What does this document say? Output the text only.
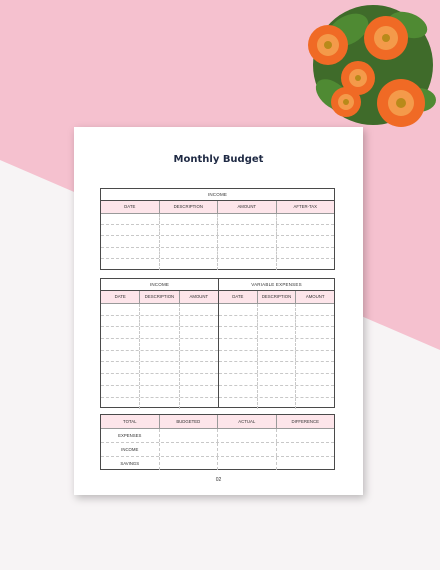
Monthly Budget
INCOME
DATE	DESCRIPTION	AMOUNT	AFTER-TAX
INCOME
DATE	DESCRIPTION	AMOUNT
VARIABLE EXPENSES
DATE	DESCRIPTION	AMOUNT
TOTAL	BUDGETED	ACTUAL	DIFFERENCE
EXPENSES
INCOME
SAVINGS
02
